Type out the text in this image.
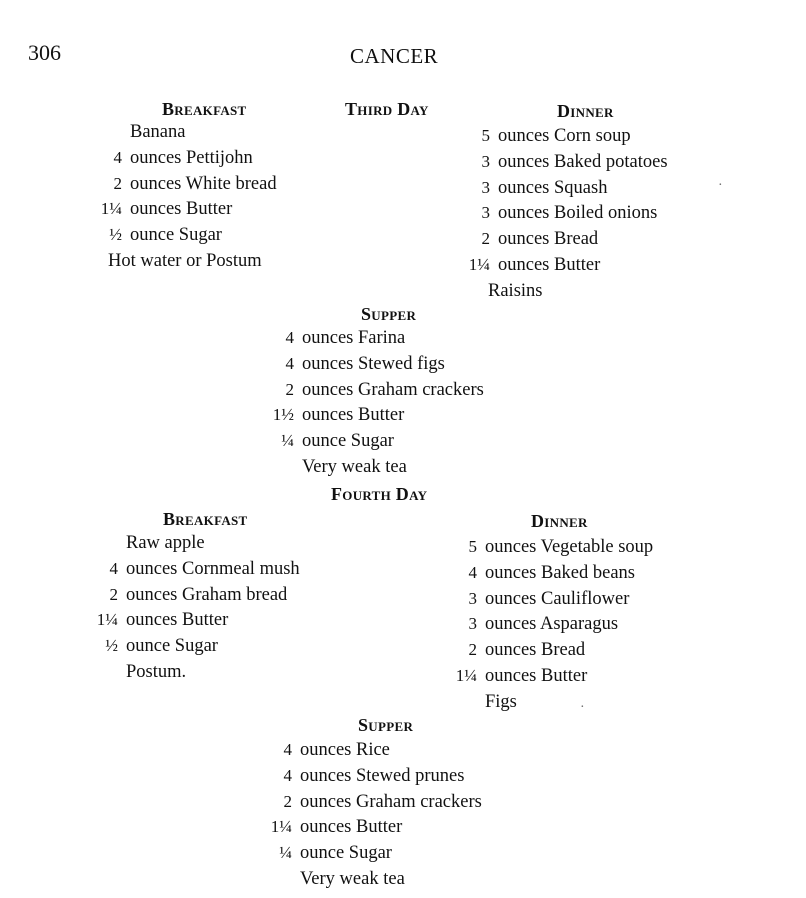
306	CANCER
Breakfast	Third Day	Dinner
Banana
4 ounces Pettijohn
2 ounces White bread
1¼ ounces Butter
½ ounce Sugar
Hot water or Postum
5 ounces Corn soup
3 ounces Baked potatoes
3 ounces Squash
3 ounces Boiled onions
2 ounces Bread
1¼ ounces Butter
Raisins
Supper
4 ounces Farina
4 ounces Stewed figs
2 ounces Graham crackers
1½ ounces Butter
¼ ounce Sugar
Very weak tea
Fourth Day
Breakfast	Dinner
Raw apple
4 ounces Cornmeal mush
2 ounces Graham bread
1¼ ounces Butter
½ ounce Sugar
Postum.
5 ounces Vegetable soup
4 ounces Baked beans
3 ounces Cauliflower
3 ounces Asparagus
2 ounces Bread
1¼ ounces Butter
Figs
Supper
4 ounces Rice
4 ounces Stewed prunes
2 ounces Graham crackers
1¼ ounces Butter
¼ ounce Sugar
Very weak tea
·
·
